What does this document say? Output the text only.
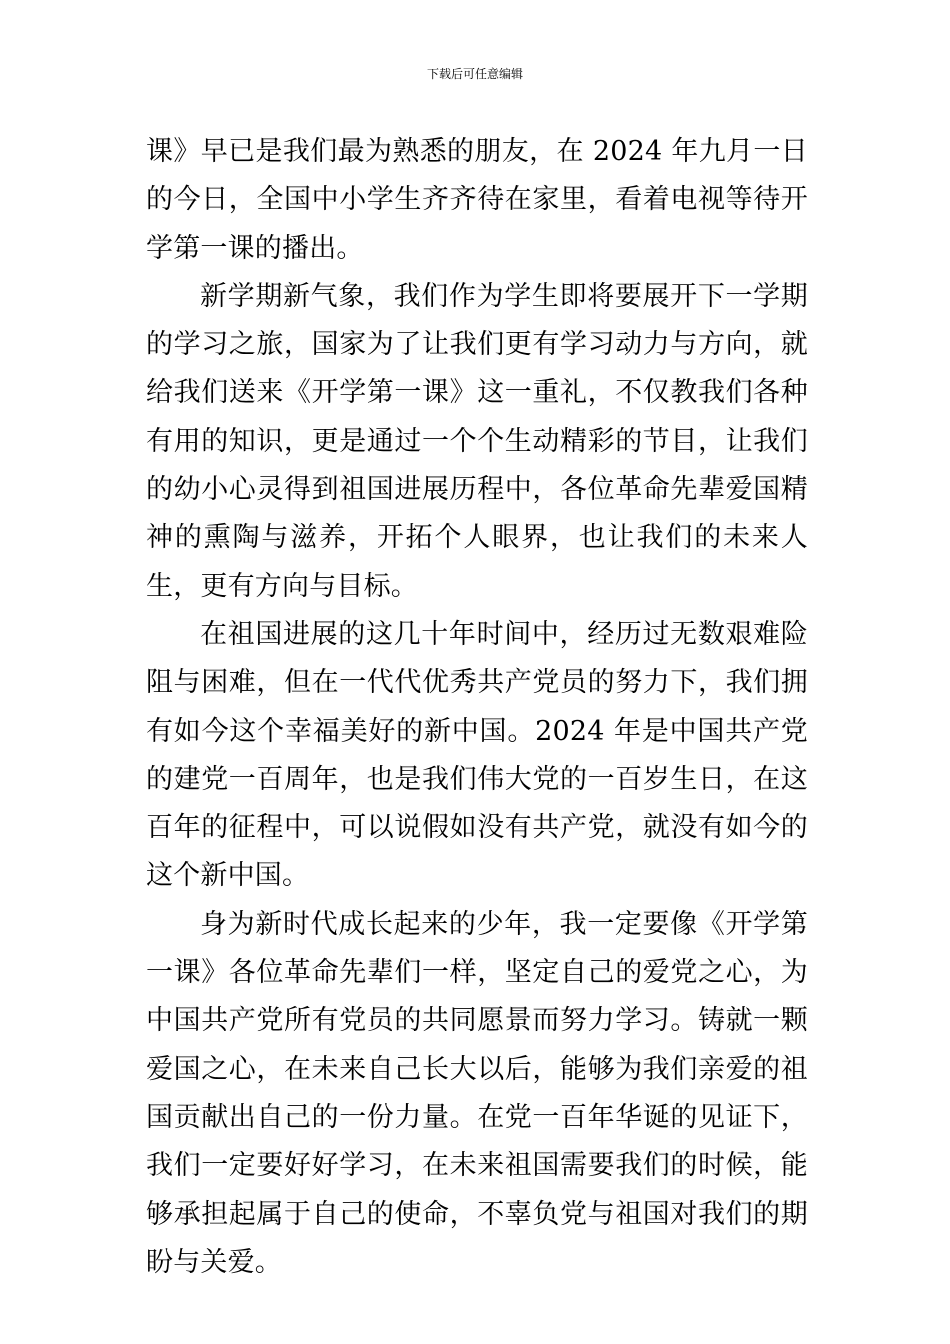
下载后可任意编辑

课》早已是我们最为熟悉的朋友，在 2024 年九月一日的今日，全国中小学生齐齐待在家里，看着电视等待开学第一课的播出。

新学期新气象，我们作为学生即将要展开下一学期的学习之旅，国家为了让我们更有学习动力与方向，就给我们送来《开学第一课》这一重礼，不仅教我们各种有用的知识，更是通过一个个生动精彩的节目，让我们的幼小心灵得到祖国进展历程中，各位革命先辈爱国精神的熏陶与滋养，开拓个人眼界，也让我们的未来人生，更有方向与目标。

在祖国进展的这几十年时间中，经历过无数艰难险阻与困难，但在一代代优秀共产党员的努力下，我们拥有如今这个幸福美好的新中国。2024 年是中国共产党的建党一百周年，也是我们伟大党的一百岁生日，在这百年的征程中，可以说假如没有共产党，就没有如今的这个新中国。

身为新时代成长起来的少年，我一定要像《开学第一课》各位革命先辈们一样，坚定自己的爱党之心，为中国共产党所有党员的共同愿景而努力学习。铸就一颗爱国之心，在未来自己长大以后，能够为我们亲爱的祖国贡献出自己的一份力量。在党一百年华诞的见证下，我们一定要好好学习，在未来祖国需要我们的时候，能够承担起属于自己的使命，不辜负党与祖国对我们的期盼与关爱。
